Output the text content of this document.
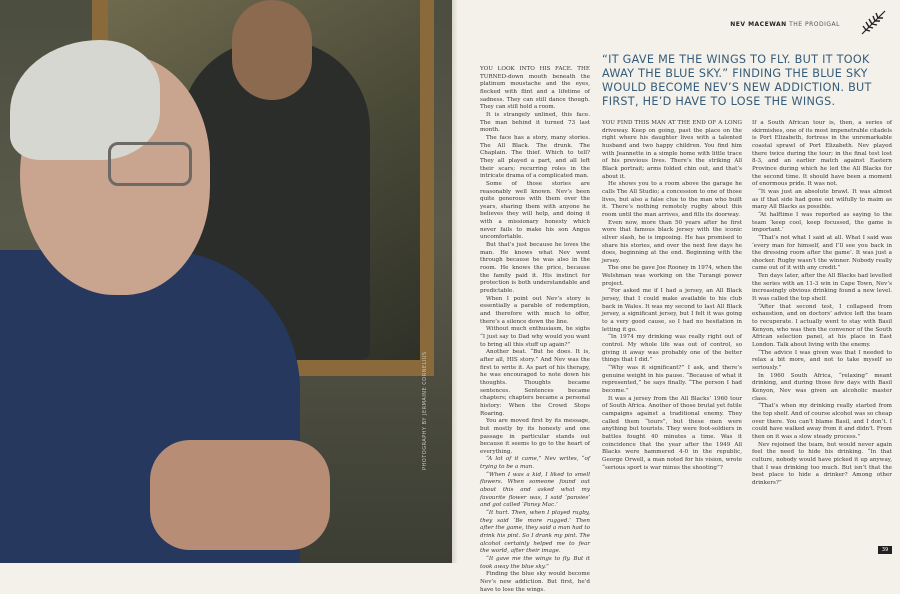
PHOTOGRAPHY BY JERMAINE CORNELIUS
NEV MACEWAN THE PRODIGAL
“IT GAVE ME THE WINGS TO FLY. BUT IT TOOK AWAY THE BLUE SKY.” FINDING THE BLUE SKY WOULD BECOME NEV’S NEW ADDICTION. BUT FIRST, HE’D HAVE TO LOSE THE WINGS.

YOU LOOK INTO HIS FACE. THE TURNED-down mouth beneath the platinum moustache and the eyes, flecked with flint and a lifetime of sadness. They can still dance though. They can still hold a room.

It is strangely unlined, this face. The man behind it turned 73 last month.

The face has a story, many stories. The All Black. The drunk. The Chaplain. The thief. Which to tell? They all played a part, and all left their scars; recurring roles in the intricate drama of a complicated man.

Some of those stories are reasonably well known. Nev’s been quite generous with them over the years, sharing them with anyone he believes they will help, and doing it with a missionary honesty which never fails to make his son Angus uncomfortable.

But that’s just because he loves the man. He knows what Nev went through because he was also in the room. He knows the price, because the family paid it. His instinct for protection is both understandable and predictable.

When I point out Nev’s story is essentially a parable of redemption, and therefore with much to offer, there’s a silence down the line.

Without much enthusiasm, he sighs “I just say to Dad why would you want to bring all this stuff up again?”

Another beat. “But he does. It is, after all, HIS story.” And Nev was the first to write it. As part of his therapy, he was encouraged to note down his thoughts. Thoughts became sentences. Sentences became chapters; chapters became a personal history: When the Crowd Stops Roaring.

You are moved first by its message, but mostly by its honesty and one passage in particular stands out because it seems to go to the heart of everything.

“A lot of it came,” Nev writes, “of trying to be a man.

“When I was a kid, I liked to smell flowers. When someone found out about this and asked what my favourite flower was, I said ‘pansies’ and got called ‘Pansy Mac.’

“It hurt. Then, when I played rugby, they said ‘Be more rugged.’ Then after the game, they said a man had to drink his pint. So I drank my pint. The alcohol certainly helped me to fear the world, after their image.

“It gave me the wings to fly. But it took away the blue sky.”

Finding the blue sky would become Nev’s new addiction. But first, he’d have to lose the wings.

YOU FIND THIS MAN AT THE END OF A LONG driveway. Keep on going, past the place on the right where his daughter lives with a talented husband and two happy children. You find him with Jeannette in a simple home with little trace of his previous lives. There’s the striking All Black portrait; arms folded chin out, and that’s about it.

He shows you to a room above the garage he calls The All Studio; a concession to one of those lives, but also a false clue to the man who built it. There’s nothing remotely rugby about this room until the man arrives, and fills its doorway.

Even now, more than 50 years after he first wore that famous black jersey with the iconic silver slash, he is imposing. He has promised to share his stories, and over the next few days he does, beginning at the end. Beginning with the jersey.

The one he gave Joe Rooney in 1974, when the Welshman was working on the Turangi power project.

“For asked me if I had a jersey, an All Black jersey, that I could make available to his club back in Wales. It was my second to last All Black jersey, a significant jersey, but I felt it was going to a very good cause, so I had no hesitation in letting it go.

“In 1974 my drinking was really right out of control. My whole life was out of control, so giving it away was probably one of the better things that I did.”

“Why was it significant?” I ask, and there’s genuine weight in his pause. “Because of what it represented,” he says finally. “The person I had become.”

It was a jersey from the All Blacks’ 1960 tour of South Africa. Another of those brutal yet futile campaigns against a traditional enemy. They called them “tours”, but these men were anything but tourists. They were foot-soldiers in battles fought 40 minutes a time. Was it coincidence that the year after the 1949 All Blacks were hammered 4-0 in the republic, George Orwell, a man noted for his vision, wrote “serious sport is war minus the shooting”?

If a South African tour is, then, a series of skirmishes, one of its most impenetrable citadels is Port Elizabeth, fortress in the unremarkable coastal sprawl of Port Elizabeth. Nev played there twice during the tour; in the final test lost 8-3, and an earlier match against Eastern Province during which he led the All Blacks for the second time. It should have been a moment of enormous pride. It was not.

“It was just an absolute brawl. It was almost as if that side had gone out wilfully to maim as many All Blacks as possible.

“At halftime I was reported as saying to the team ‘keep cool, keep focussed, the game is important.’

“That’s not what I said at all. What I said was ‘every man for himself, and I’ll see you back in the dressing room after the game’. It was just a shocker. Rugby wasn’t the winner. Nobody really came out of it with any credit.”

Ten days later, after the All Blacks had levelled the series with an 11-3 win in Cape Town, Nev’s increasingly obvious drinking found a new level. It was called the top shelf.

“After that second test, I collapsed from exhaustion, and on doctors’ advice left the team to recuperate. I actually went to stay with Basil Kenyon, who was then the convenor of the South African selection panel, at his place in East London. Talk about living with the enemy.

“The advice I was given was that I needed to relax a bit more, and not to take myself so seriously.”

In 1960 South Africa, “relaxing” meant drinking, and during those few days with Basil Kenyon, Nev was given an alcoholic master class.

“That’s when my drinking really started from the top shelf. And of course alcohol was so cheap over there. You can’t blame Basil, and I don’t. I could have walked away from it and didn’t. From then on it was a slow steady process.”

Nev rejoined the team, but would never again feel the need to hide his drinking. “In that culture, nobody would have picked it up anyway, that I was drinking too much. But isn’t that the best place to hide a drinker? Among other drinkers?”

39
